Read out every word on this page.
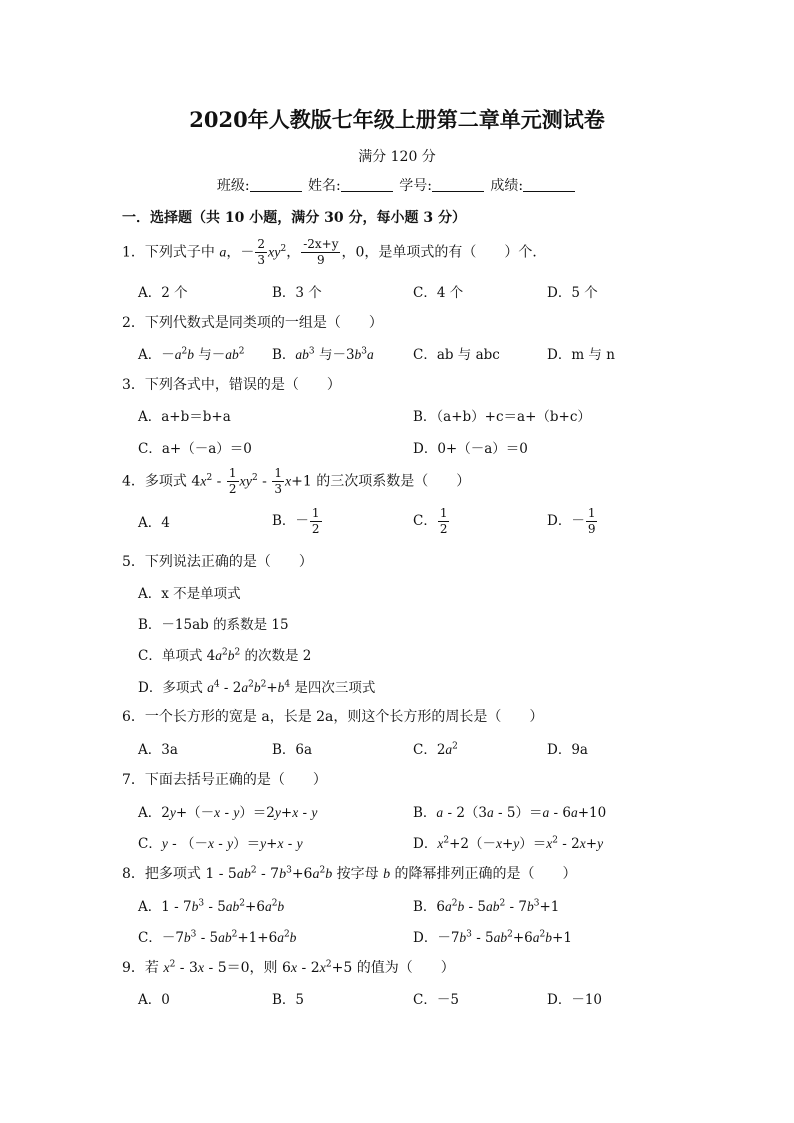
2020年人教版七年级上册第二章单元测试卷
满分 120 分
班级:	姓名:	学号:	成绩:
一．选择题（共 10 小题，满分 30 分，每小题 3 分）
1．下列式子中 a，－ $\frac{2}{3} xy^2$， $\frac{-2x+y}{9}$ ，0，是单项式的有（　　）个．
A．2 个	B．3 个	C．4 个	D．5 个
2．下列代数式是同类项的一组是（　　）
A．$-a^2b$ 与$-ab^2$ B．$ab^3$ 与$-3b^3a$	C．ab 与 abc	D．m 与 n
3．下列各式中，错误的是（　　）
A．a+b＝b+a	B．（a+b）+c＝a+（b+c）
C．a+（－a）＝0	D．0+（－a）＝0
4．多项式 $4x^2 - \frac{1}{2} xy^2 - \frac{1}{3} x+1$ 的三次项系数是（　　）
A．4	B．－ $\frac{1}{2}$	C． $\frac{1}{2}$	D．－ $\frac{1}{9}$
5．下列说法正确的是（　　）
A．x 不是单项式
B．－15ab 的系数是 15
C．单项式 $4a^2b^2$ 的次数是 2
D．多项式 $a^4 - 2a^2b^2+b^4$ 是四次三项式
6．一个长方形的宽是 a，长是 2a，则这个长方形的周长是（　　）
A．3a	B．6a	C．$2a^2$	D．9a
7．下面去括号正确的是（　　）
A．2y+（－x - y）＝2y+x - y	B．a - 2（3a - 5）＝a - 6a+10
C．y - （－x - y）＝y+x - y	D．$x^2+2(-x+y)=x^2 - 2x+y$
8．把多项式 $1 - 5ab^2 - 7b^3+6a^2b$ 按字母 b 的降幂排列正确的是（　　）
A．$1 - 7b^3 - 5ab^2+6a^2b$	B．$6a^2b - 5ab^2 - 7b^3+1$
C．$-7b^3 - 5ab^2+1+6a^2b$	D．$-7b^3 - 5ab^2+6a^2b+1$
9．若 $x^2 - 3x - 5=0$，则 $6x - 2x^2+5$ 的值为（　　）
A．0	B．5	C．－5	D．－10
